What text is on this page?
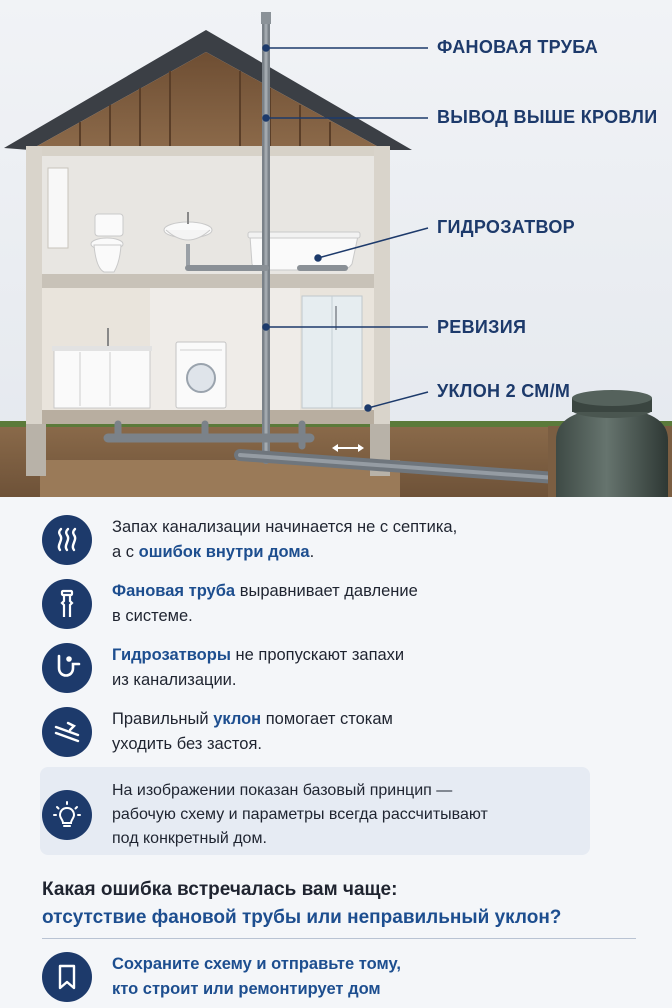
ФАНОВАЯ ТРУБА
ВЫВОД ВЫШЕ КРОВЛИ
ГИДРОЗАТВОР
РЕВИЗИЯ
УКЛОН 2 СМ/М
Запах канализации начинается не с септика,
а с ошибок внутри дома.
Фановая труба выравнивает давление
в системе.
Гидрозатворы не пропускают запахи
из канализации.
Правильный уклон помогает стокам
уходить без застоя.
На изображении показан базовый принцип —
рабочую схему и параметры всегда рассчитывают
под конкретный дом.
Какая ошибка встречалась вам чаще:
отсутствие фановой трубы или неправильный уклон?
Сохраните схему и отправьте тому,
кто строит или ремонтирует дом
